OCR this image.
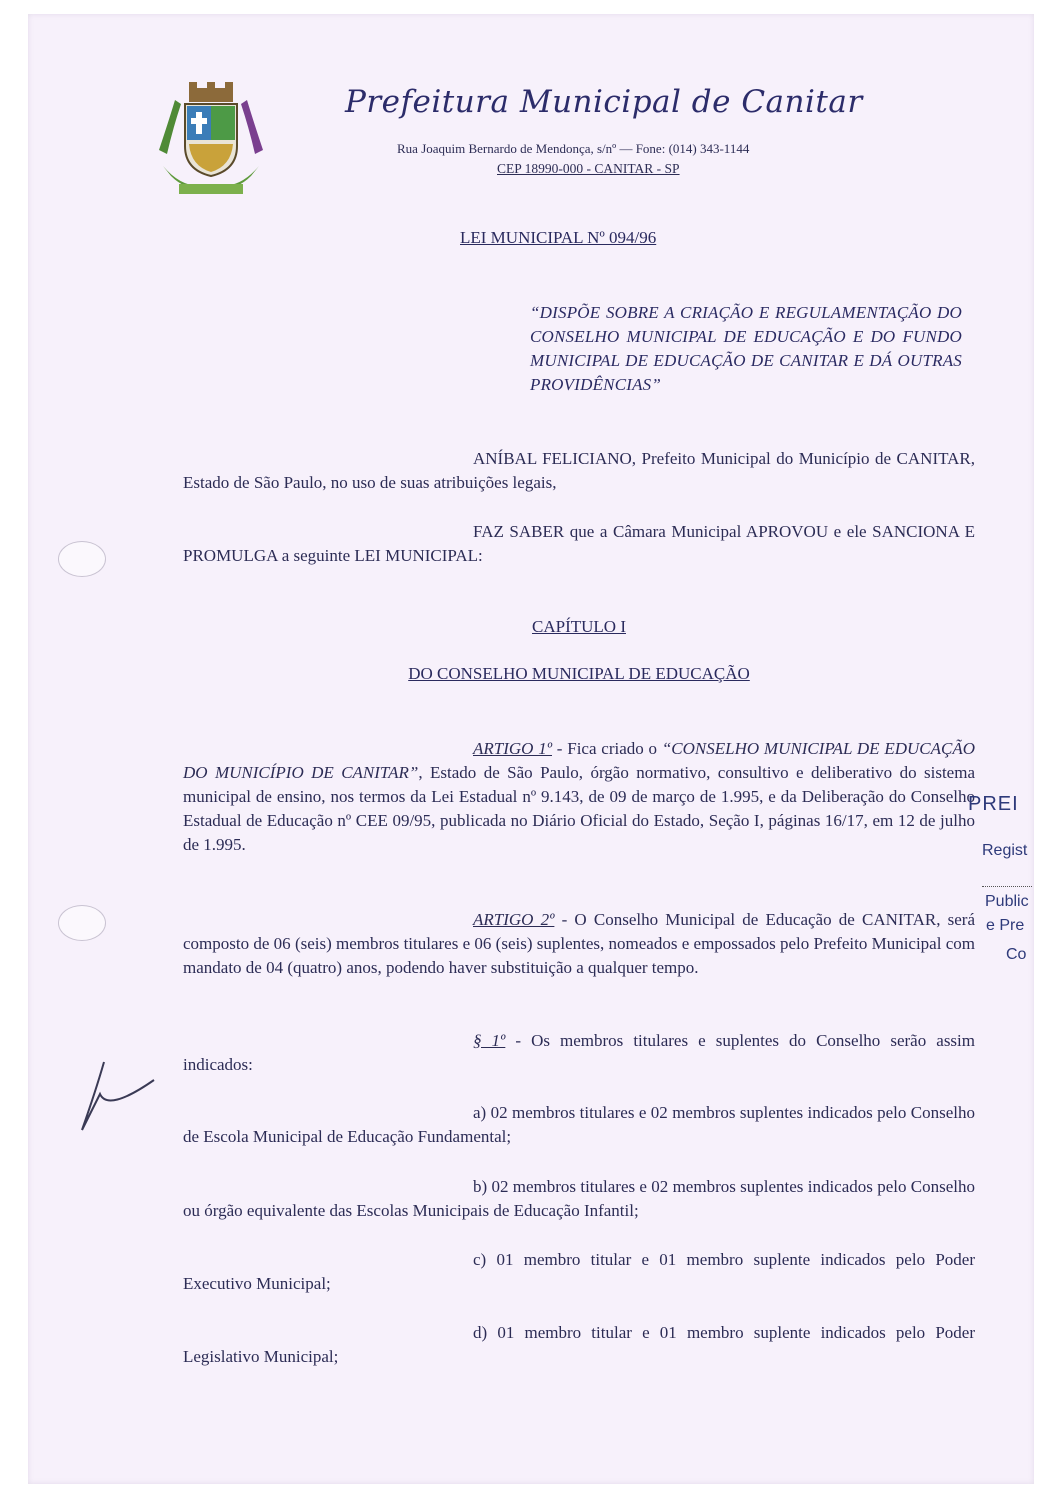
Prefeitura Municipal de Canitar
Rua Joaquim Bernardo de Mendonça, s/nº — Fone: (014) 343-1144
CEP 18990-000 - CANITAR - SP
LEI MUNICIPAL Nº 094/96
“DISPÕE SOBRE A CRIAÇÃO E REGULAMENTAÇÃO DO CONSELHO MUNICIPAL DE EDUCAÇÃO E DO FUNDO MUNICIPAL DE EDUCAÇÃO DE CANITAR E DÁ OUTRAS PROVIDÊNCIAS”
ANÍBAL FELICIANO, Prefeito Municipal do Município de CANITAR, Estado de São Paulo, no uso de suas atribuições legais,
FAZ SABER que a Câmara Municipal APROVOU e ele SANCIONA E PROMULGA a seguinte LEI MUNICIPAL:
CAPÍTULO I
DO CONSELHO MUNICIPAL DE EDUCAÇÃO
ARTIGO 1º - Fica criado o “CONSELHO MUNICIPAL DE EDUCAÇÃO DO MUNICÍPIO DE CANITAR”, Estado de São Paulo, órgão normativo, consultivo e deliberativo do sistema municipal de ensino, nos termos da Lei Estadual nº 9.143, de 09 de março de 1.995, e da Deliberação do Conselho Estadual de Educação nº CEE 09/95, publicada no Diário Oficial do Estado, Seção I, páginas 16/17, em 12 de julho de 1.995.
ARTIGO 2º - O Conselho Municipal de Educação de CANITAR, será composto de 06 (seis) membros titulares e 06 (seis) suplentes, nomeados e empossados pelo Prefeito Municipal com mandato de 04 (quatro) anos, podendo haver substituição a qualquer tempo.
§ 1º - Os membros titulares e suplentes do Conselho serão assim indicados:
a) 02 membros titulares e 02 membros suplentes indicados pelo Conselho de Escola Municipal de Educação Fundamental;
b) 02 membros titulares e 02 membros suplentes indicados pelo Conselho ou órgão equivalente das Escolas Municipais de Educação Infantil;
c) 01 membro titular e 01 membro suplente indicados pelo Poder Executivo Municipal;
d) 01 membro titular e 01 membro suplente indicados pelo Poder Legislativo Municipal;
PREI
Regist
Public
e Pre
Co
